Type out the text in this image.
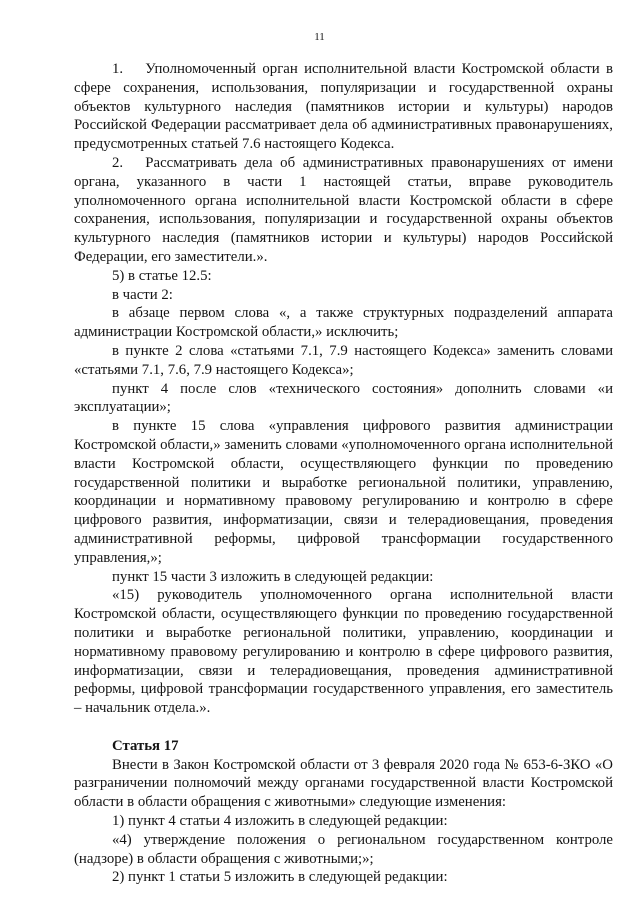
11

1.  Уполномоченный орган исполнительной власти Костромской области в сфере сохранения, использования, популяризации и государственной охраны объектов культурного наследия (памятников истории и культуры) народов Российской Федерации рассматривает дела об административных правонарушениях, предусмотренных статьей 7.6 настоящего Кодекса.

2.  Рассматривать дела об административных правонарушениях от имени органа, указанного в части 1 настоящей статьи, вправе руководитель уполномоченного органа исполнительной власти Костромской области в сфере сохранения, использования, популяризации и государственной охраны объектов культурного наследия (памятников истории и культуры) народов Российской Федерации, его заместители.».

5) в статье 12.5:

в части 2:

в абзаце первом слова «, а также структурных подразделений аппарата администрации Костромской области,» исключить;

в пункте 2 слова «статьями 7.1, 7.9 настоящего Кодекса» заменить словами «статьями 7.1, 7.6, 7.9 настоящего Кодекса»;

пункт 4 после слов «технического состояния» дополнить словами «и эксплуатации»;

в пункте 15 слова «управления цифрового развития администрации Костромской области,» заменить словами «уполномоченного органа исполнительной власти Костромской области, осуществляющего функции по проведению государственной политики и выработке региональной политики, управлению, координации и нормативному правовому регулированию и контролю в сфере цифрового развития, информатизации, связи и телерадиовещания, проведения административной реформы, цифровой трансформации государственного управления,»;

пункт 15 части 3 изложить в следующей редакции:

«15) руководитель уполномоченного органа исполнительной власти Костромской области, осуществляющего функции по проведению государственной политики и выработке региональной политики, управлению, координации и нормативному правовому регулированию и контролю в сфере цифрового развития, информатизации, связи и телерадиовещания, проведения административной реформы, цифровой трансформации государственного управления, его заместитель – начальник отдела.».

Статья 17

Внести в Закон Костромской области от 3 февраля 2020 года № 653-6-ЗКО «О разграничении полномочий между органами государственной власти Костромской области в области обращения с животными» следующие изменения:

1) пункт 4 статьи 4 изложить в следующей редакции:

«4) утверждение положения о региональном государственном контроле (надзоре) в области обращения с животными;»;

2) пункт 1 статьи 5 изложить в следующей редакции:
